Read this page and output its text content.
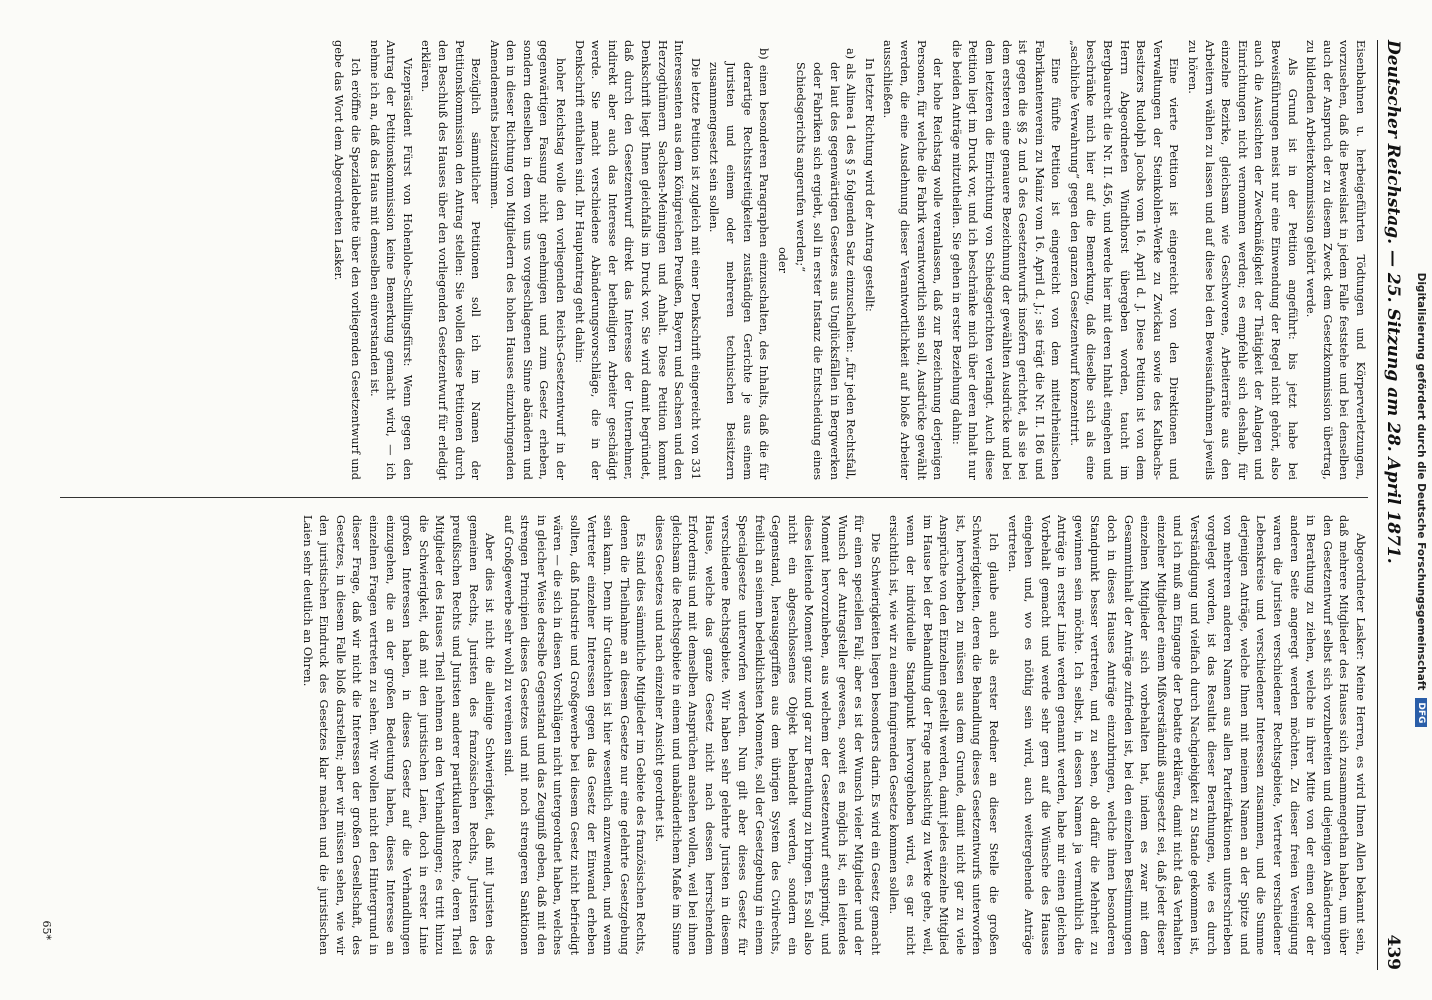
Deutscher Reichstag. — 25. Sitzung am 28. April 1871.
439

Eisenbahnen u. herbeigeführten Tödtungen und Körperverletzungen, vorzusehen, daß die Beweislast in jedem Falle feststehe und bei denselben auch der Anspruch der zu diesem Zweck dem Gesetzkommission übertrag, zu bildenden Arbeiterkommission gehört werde.

Als Grund ist in der Petition angeführt: bis jetzt habe bei Beweisführungen meist nur eine Einwendung der Regel nicht gehört, also auch die Aussichten der Zweckmäßigkeit der Thätigkeit der Anlagen und Einrichtungen nicht vernommen werden; es empfehle sich deshalb, für einzelne Bezirke, gleichsam wie Geschworene, Arbeiterräte aus den Arbeitern wählen zu lassen und auf diese bei den Beweisaufnahmen jeweils zu hören.

Eine vierte Petition ist eingereicht von den Direktionen und Verwaltungen der Steinkohlen-Werke zu Zwickau sowie des Kaltbachs-Besitzers Rudolph Jacobs vom 16. April d. J. Diese Petition ist von dem Herrn Abgeordneten Windthorst übergeben worden, taucht im Bergbaurecht die Nr. II. 456, und werde hier mit deren Inhalt eingehen und beschränke mich hier auf die Bemerkung, daß dieselbe sich als eine „sachliche Verwahrung“ gegen den ganzen Gesetzentwurf konzentrirt.

Eine fünfte Petition ist eingereicht von dem mittelrheinischen Fabrikantenverein zu Mainz vom 16. April d. J.; sie trägt die Nr. II. 186 und ist gegen die §§ 2 und 5 des Gesetzentwurfs insofern gerichtet, als sie bei dem ersteren eine genauere Bezeichnung der gewählten Ausdrücke und bei dem letzteren die Einrichtung von Schiedsgerichten verlangt. Auch diese Petition liegt im Druck vor, und ich beschränke mich über deren Inhalt nur die beiden Anträge mitzutheilen. Sie gehen in erster Beziehung dahin:

der hohe Reichstag wolle veranlassen, daß zur Bezeichnung derjenigen Personen, für welche die Fabrik verantwortlich sein soll, Ausdrücke gewählt werden, die eine Ausdehnung dieser Verantwortlichkeit auf bloße Arbeiter ausschließen.

In letzter Richtung wird der Antrag gestellt:

a) als Alinea 1 des § 5 folgenden Satz einzuschalten: „für jeden Rechtsfall, der laut des gegenwärtigen Gesetzes aus Unglücksfällen in Bergwerken oder Fabriken sich ergiebt, soll in erster Instanz die Entscheidung eines Schiedsgerichts angerufen werden;“

oder

b) einen besonderen Paragraphen einzuschalten, des Inhalts, daß die für derartige Rechtsstreitigkeiten zuständigen Gerichte je aus einem Juristen und einem oder mehreren technischen Beisitzern zusammengesetzt sein sollen.

Die letzte Petition ist zugleich mit einer Denkschrift eingereicht von 331 Interessenten aus dem Königreichen Preußen, Bayern und Sachsen und den Herzogthümern Sachsen-Meiningen und Anhalt. Diese Petition kommt Denkschrift liegt Ihnen gleichfalls im Druck vor. Sie wird damit begründet, daß durch den Gesetzentwurf direkt das Interesse der Unternehmer, indirekt aber auch das Interesse der betheiligten Arbeiter geschädigt werde. Sie macht verschiedene Abänderungsvorschläge, die in der Denkschrift enthalten sind. Ihr Hauptantrag geht dahin:

hoher Reichstag wolle den vorliegenden Reichs-Gesetzentwurf in der gegenwärtigen Fassung nicht genehmigen und zum Gesetz erheben, sondern denselben in dem von uns vorgeschlagenen Sinne abändern und den in dieser Richtung von Mitgliedern des hohen Hauses einzubringenden Amendements beizustimmen.

Bezüglich sämmtlicher Petitionen soll ich im Namen der Petitionskommission den Antrag stellen: Sie wollen diese Petitionen durch den Beschluß des Hauses über den vorliegenden Gesetzentwurf für erledigt erklären.

Vizepräsident Fürst von Hohenlohe-Schillingsfürst: Wenn gegen den Antrag der Petitionskommission keine Bemerkung gemacht wird, — ich nehme ich an, daß das Haus mit demselben einverstanden ist.

Ich eröffne die Spezialdebatte über den vorliegenden Gesetzentwurf und gebe das Wort dem Abgeordneten Lasker.

Abgeordneter Lasker: Meine Herren, es wird Ihnen Allen bekannt sein, daß mehrere Mitglieder des Hauses sich zusammengethan haben, um über den Gesetzentwurf selbst sich vorzubereiten und diejenigen Abänderungen in Berathung zu ziehen, welche in ihrer Mitte von der einen oder der anderen Seite angeregt werden möchten. Zu dieser freien Vereinigung waren die Juristen verschiedener Rechtsgebiete, Vertreter verschiedener Lebenskreise und verschiedener Interessen zusammen, und die Summe derjenigen Anträge, welche Ihnen mit meinem Namen an der Spitze und von mehreren anderen Namen aus allen Parteifraktionen unterschrieben vorgelegt worden, ist das Resultat dieser Berathungen, wie es durch Verständigung und vielfach durch Nachgiebigkeit zu Stande gekommen ist, und ich muß am Eingange der Debatte erklären, damit nicht das Verhalten einzelner Mitglieder einem Mißverständniß ausgesetzt sei, daß jeder dieser einzelnen Mitglieder sich vorbehalten hat, indem es zwar mit dem Gesammtinhalt der Anträge zufrieden ist, bei den einzelnen Bestimmungen doch in dieses Hauses Anträge einzubringen, welche ihnen besonderen Standpunkt besser vertreten, und zu sehen, ob dafür die Mehrheit zu gewinnen sein möchte. Ich selbst, in dessen Namen ja vermuthlich die Anträge in erster Linie werden genannt werden, habe mir einen gleichen Vorbehalt gemacht und werde sehr gern auf die Wünsche des Hauses eingehen und, wo es nöthig sein wird, auch weitergehende Anträge vertreten.

Ich glaube auch als erster Redner an dieser Stelle die großen Schwierigkeiten, deren die Behandlung dieses Gesetzentwurfs unterworfen ist, hervorheben zu müssen aus dem Grunde, damit nicht gar zu viele Ansprüche von den Einzelnen gestellt werden, damit jedes einzelne Mitglied im Hause bei der Behandlung der Frage nachsichtig zu Werke gehe, weil, wenn der individuelle Standpunkt hervorgehoben wird, es gar nicht ersichtlich ist, wie wir zu einem fungirenden Gesetze kommen sollen.

Die Schwierigkeiten liegen besonders darin. Es wird ein Gesetz gemacht für einen speciellen Fall; aber es ist der Wunsch vieler Mitglieder und der Wunsch der Antragsteller gewesen, soweit es möglich ist, ein leitendes Moment hervorzuheben, aus welchem der Gesetzentwurf entspringt, und dieses leitende Moment ganz und gar zur Berathung zu bringen. Es soll also nicht ein abgeschlossenes Objekt behandelt werden, sondern ein Gegenstand, herausgegriffen aus dem übrigen System des Civilrechts, freilich an seinem bedenklichsten Momente, soll der Gesetzgebung in einem Specialgesetze unterworfen werden. Nun gilt aber dieses Gesetz für verschiedene Rechtsgebiete. Wir haben sehr gelehrte Juristen in diesem Hause, welche das ganze Gesetz nicht nach dessen herrschendem Erfordernis und mit demselben Ansprüchen ansehen wollen, weil bei ihnen gleichsam die Rechtsgebiete in einem und unabänderlichem Maße im Sinne dieses Gesetzes und nach einzelner Ansicht geordnet ist.

Es sind dies sämmtliche Mitglieder im Gebiete des französischen Rechts, denen die Theilnahme an diesem Gesetze nur eine gelehrte Gesetzgebung sein kann. Denn ihr Gutachten ist hier wesentlich anzuwenden, und wenn Vertreter einzelner Interessen gegen das Gesetz der Einwand erheben sollten, daß Industrie und Großgewerbe bei diesem Gesetz nicht befriedigt wären — die sich in diesen Vorschlägen nicht untergeordnet haben, welches in gleicher Weise derselbe Gegenstand und das Zeugniß geben, daß mit den strengen Principien dieses Gesetzes und mit noch strengeren Sanktionen auf Großgewerbe sehr wohl zu vereinen sind.

Aber dies ist nicht die alleinige Schwierigkeit, daß mit Juristen des gemeinen Rechts, Juristen des französischen Rechts, Juristen des preußischen Rechts und Juristen anderer partikularen Rechte, deren Theil Mitglieder des Hauses Theil nehmen an den Verhandlungen; es tritt hinzu die Schwierigkeit, daß mit den juristischen Laien, doch in erster Linie großen Interessen haben, in dieses Gesetz auf die Verhandlungen einzugehen, die an der großen Bedeutung haben, dieses Interesse an einzelnen Fragen vertreten zu sehen. Wir wollen nicht den Hintergrund in dieser Frage, daß wir nicht die Interessen der großen Gesellschaft, des Gesetzes, in diesem Falle bloß darstellen; aber wir müssen sehen, wie wir den juristischen Eindruck des Gesetzes klar machen und die juristischen Laien sehr deutlich an Ohren.

65*
Digitalisierung gefördert durch die Deutsche Forschungsgemeinschaft
DFG
